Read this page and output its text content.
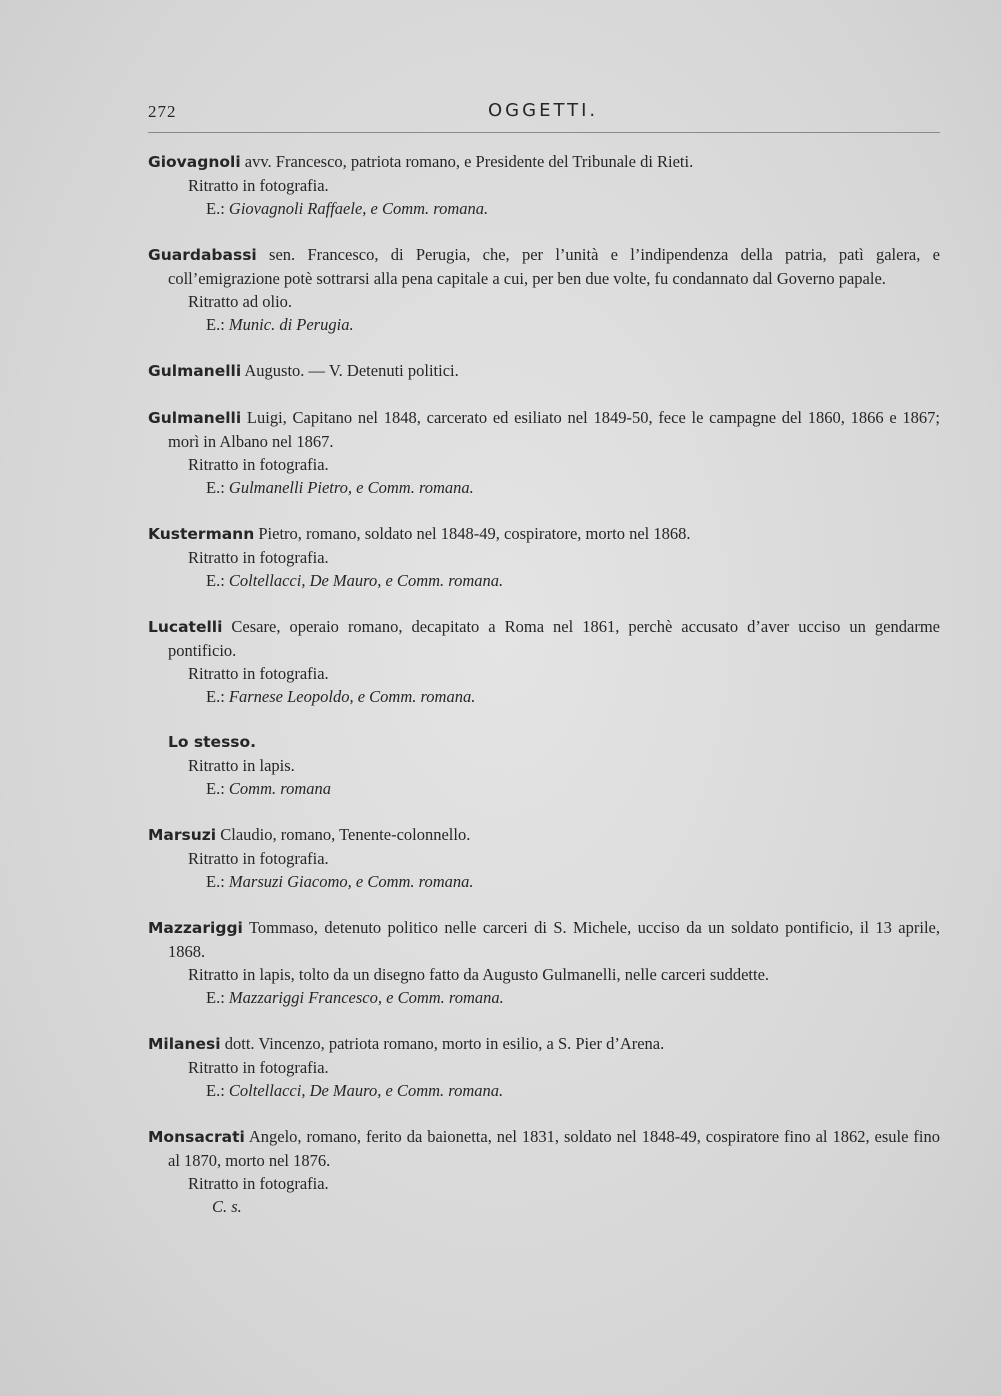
272	OGGETTI.
Giovagnoli avv. Francesco, patriota romano, e Presidente del Tribunale di Rieti.
Ritratto in fotografia.
E.: Giovagnoli Raffaele, e Comm. romana.
Guardabassi sen. Francesco, di Perugia, che, per l’unità e l’indipendenza della patria, patì galera, e coll’emigrazione potè sottrarsi alla pena capitale a cui, per ben due volte, fu condannato dal Governo papale.
Ritratto ad olio.
E.: Munic. di Perugia.
Gulmanelli Augusto. — V. Detenuti politici.
Gulmanelli Luigi, Capitano nel 1848, carcerato ed esiliato nel 1849-50, fece le campagne del 1860, 1866 e 1867; morì in Albano nel 1867.
Ritratto in fotografia.
E.: Gulmanelli Pietro, e Comm. romana.
Kustermann Pietro, romano, soldato nel 1848-49, cospiratore, morto nel 1868.
Ritratto in fotografia.
E.: Coltellacci, De Mauro, e Comm. romana.
Lucatelli Cesare, operaio romano, decapitato a Roma nel 1861, perchè accusato d’aver ucciso un gendarme pontificio.
Ritratto in fotografia.
E.: Farnese Leopoldo, e Comm. romana.
Lo stesso.
Ritratto in lapis.
E.: Comm. romana
Marsuzi Claudio, romano, Tenente-colonnello.
Ritratto in fotografia.
E.: Marsuzi Giacomo, e Comm. romana.
Mazzariggi Tommaso, detenuto politico nelle carceri di S. Michele, ucciso da un soldato pontificio, il 13 aprile, 1868.
Ritratto in lapis, tolto da un disegno fatto da Augusto Gulmanelli, nelle carceri suddette.
E.: Mazzariggi Francesco, e Comm. romana.
Milanesi dott. Vincenzo, patriota romano, morto in esilio, a S. Pier d’Arena.
Ritratto in fotografia.
E.: Coltellacci, De Mauro, e Comm. romana.
Monsacrati Angelo, romano, ferito da baionetta, nel 1831, soldato nel 1848-49, cospiratore fino al 1862, esule fino al 1870, morto nel 1876.
Ritratto in fotografia.
C. s.
